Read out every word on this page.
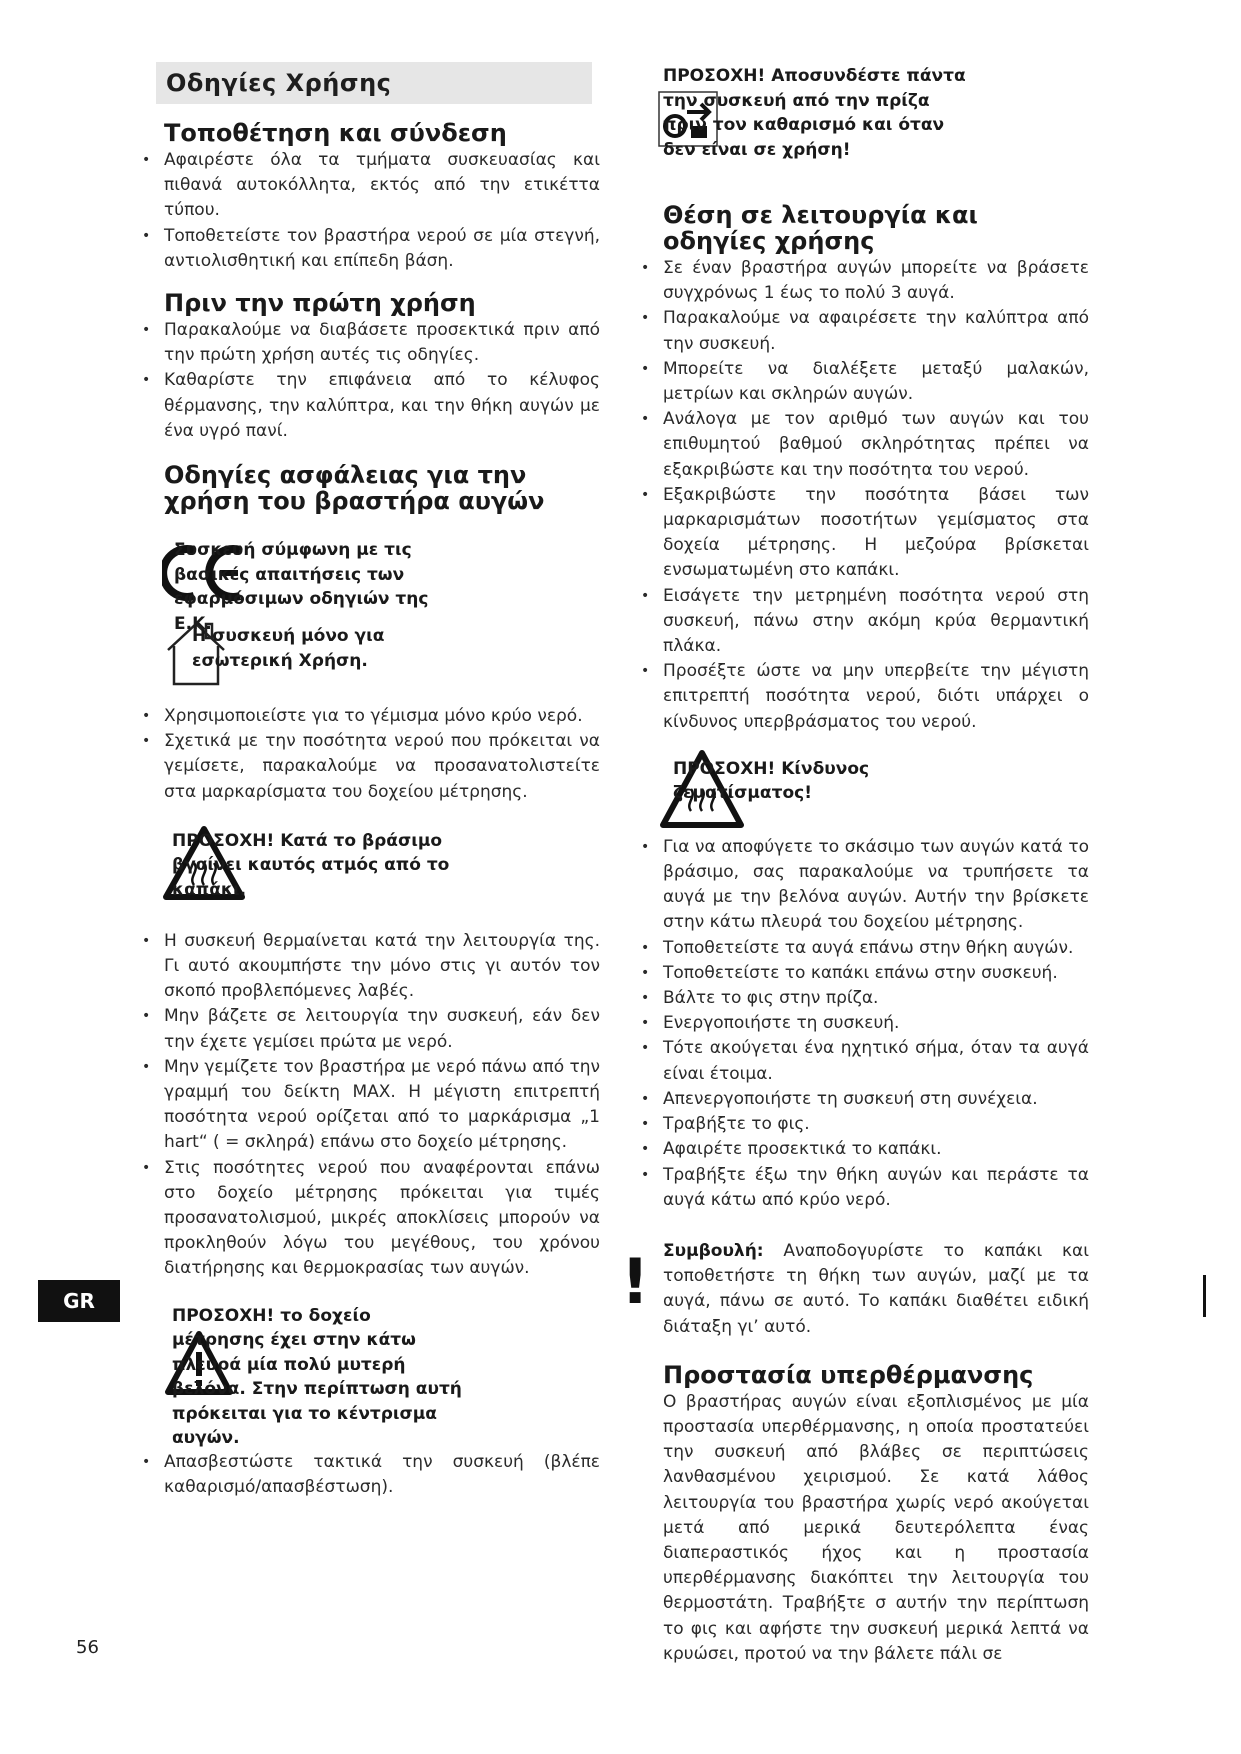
Οδηγίες Χρήσης
Τοποθέτηση και σύνδεση
• Αφαιρέστε όλα τα τμήματα συσκευασίας και πιθανά αυτοκόλλητα, εκτός από την ετικέττα τύπου.
• Τοποθετείστε τον βραστήρα νερού σε μία στεγνή, αντιολισθητική και επίπεδη βάση.
Πριν την πρώτη χρήση
• Παρακαλούμε να διαβάσετε προσεκτικά πριν από την πρώτη χρήση αυτές τις οδηγίες.
• Καθαρίστε την επιφάνεια από το κέλυφος θέρμανσης, την καλύπτρα, και την θήκη αυγών με ένα υγρό πανί.
Οδηγίες ασφάλειας για την χρήση του βραστήρα αυγών
Συσκευή σύμφωνη με τις βασικές απαιτήσεις των εφαρμόσιμων οδηγιών της Ε.Κ.
Η συσκευή μόνο για εσωτερική Χρήση.
• Χρησιμοποιείστε για το γέμισμα μόνο κρύο νερό.
• Σχετικά με την ποσότητα νερού που πρόκειται να γεμίσετε, παρακαλούμε να προσανατολιστείτε στα μαρκαρίσματα του δοχείου μέτρησης.
ΠΡΟΣΟΧΗ! Κατά το βράσιμο βγαίνει καυτός ατμός από το καπάκι.
• Η συσκευή θερμαίνεται κατά την λειτουργία της. Γι αυτό ακουμπήστε την μόνο στις γι αυτόν τον σκοπό προβλεπόμενες λαβές.
• Μην βάζετε σε λειτουργία την συσκευή, εάν δεν την έχετε γεμίσει πρώτα με νερό.
• Μην γεμίζετε τον βραστήρα με νερό πάνω από την γραμμή του δείκτη MAX. Η μέγιστη επιτρεπτή ποσότητα νερού ορίζεται από το μαρκάρισμα „1 hart“ ( = σκληρά) επάνω στο δοχείο μέτρησης.
• Στις ποσότητες νερού που αναφέρονται επάνω στο δοχείο μέτρησης πρόκειται για τιμές προσανατολισμού, μικρές αποκλίσεις μπορούν να προκληθούν λόγω του μεγέθους, του χρόνου διατήρησης και θερμοκρασίας των αυγών.
ΠΡΟΣΟΧΗ! το δοχείο μέτρησης έχει στην κάτω πλευρά μία πολύ μυτερή βελόνα. Στην περίπτωση αυτή πρόκειται για το κέντρισμα αυγών.
• Απασβεστώστε τακτικά την συσκευή (βλέπε καθαρισμό/απασβέστωση).
ΠΡΟΣΟΧΗ! Αποσυνδέστε πάντα την συσκευή από την πρίζα πριν τον καθαρισμό και όταν δεν είναι σε χρήση!
Θέση σε λειτουργία και οδηγίες χρήσης
• Σε έναν βραστήρα αυγών μπορείτε να βράσετε συγχρόνως 1 έως το πολύ 3 αυγά.
• Παρακαλούμε να αφαιρέσετε την καλύπτρα από την συσκευή.
• Μπορείτε να διαλέξετε μεταξύ μαλακών, μετρίων και σκληρών αυγών.
• Ανάλογα με τον αριθμό των αυγών και του επιθυμητού βαθμού σκληρότητας πρέπει να εξακριβώστε και την ποσότητα του νερού.
• Εξακριβώστε την ποσότητα βάσει των μαρκαρισμάτων ποσοτήτων γεμίσματος στα δοχεία μέτρησης. Η μεζούρα βρίσκεται ενσωματωμένη στο καπάκι.
• Εισάγετε την μετρημένη ποσότητα νερού στη συσκευή, πάνω στην ακόμη κρύα θερμαντική πλάκα.
• Προσέξτε ώστε να μην υπερβείτε την μέγιστη επιτρεπτή ποσότητα νερού, διότι υπάρχει ο κίνδυνος υπερβράσματος του νερού.
ΠΡΟΣΟΧΗ! Κίνδυνος ζεματίσματος!
• Για να αποφύγετε το σκάσιμο των αυγών κατά το βράσιμο, σας παρακαλούμε να τρυπήσετε τα αυγά με την βελόνα αυγών. Αυτήν την βρίσκετε στην κάτω πλευρά του δοχείου μέτρησης.
• Τοποθετείστε τα αυγά επάνω στην θήκη αυγών.
• Τοποθετείστε το καπάκι επάνω στην συσκευή.
• Βάλτε το φις στην πρίζα.
• Ενεργοποιήστε τη συσκευή.
• Τότε ακούγεται ένα ηχητικό σήμα, όταν τα αυγά είναι έτοιμα.
• Απενεργοποιήστε τη συσκευή στη συνέχεια.
• Τραβήξτε το φις.
• Αφαιρέτε προσεκτικά το καπάκι.
• Τραβήξτε έξω την θήκη αυγών και περάστε τα αυγά κάτω από κρύο νερό.
! Συμβουλή: Αναποδογυρίστε το καπάκι και τοποθετήστε τη θήκη των αυγών, μαζί με τα αυγά, πάνω σε αυτό. Το καπάκι διαθέτει ειδική διάταξη γι’ αυτό.
Προστασία υπερθέρμανσης
Ο βραστήρας αυγών είναι εξοπλισμένος με μία προστασία υπερθέρμανσης, η οποία προστατεύει την συσκευή από βλάβες σε περιπτώσεις λανθασμένου χειρισμού. Σε κατά λάθος λειτουργία του βραστήρα χωρίς νερό ακούγεται μετά από μερικά δευτερόλεπτα ένας διαπεραστικός ήχος και η προστασία υπερθέρμανσης διακόπτει την λειτουργία του θερμοστάτη. Τραβήξτε σ αυτήν την περίπτωση το φις και αφήστε την συσκευή μερικά λεπτά να κρυώσει, προτού να την βάλετε πάλι σε
GR
56
